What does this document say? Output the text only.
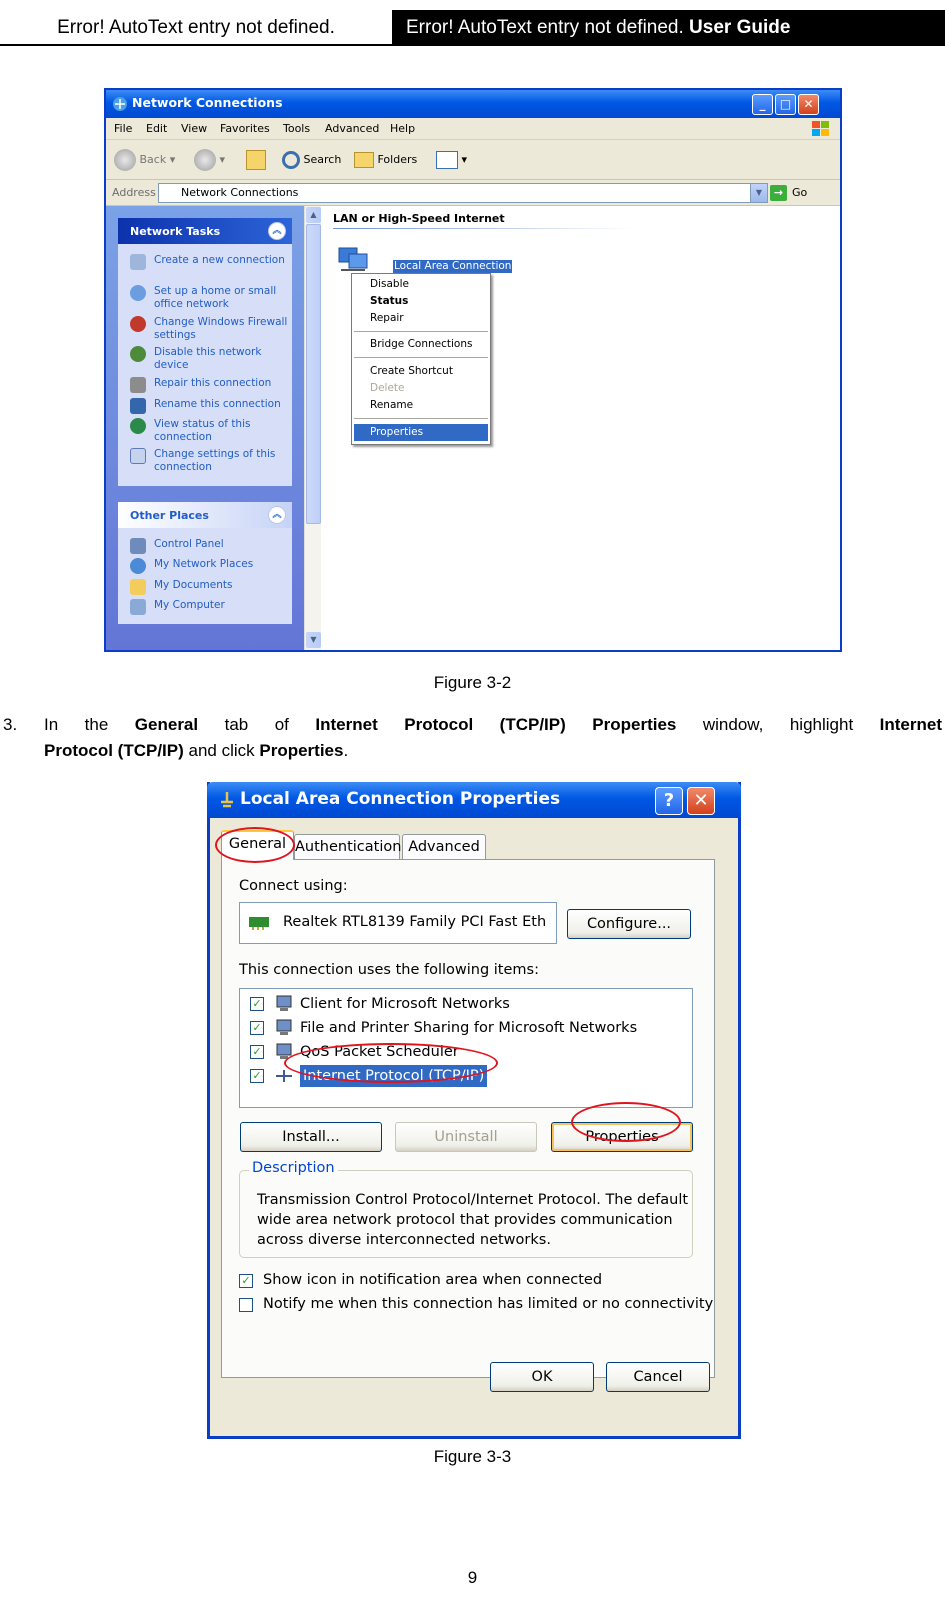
Error! AutoText entry not defined.	Error! AutoText entry not defined. User Guide
Network Connections	_	□	✕
File Edit View Favorites Tools Advanced Help
Back ▾	▾	Search	Folders	▾
Address	Network Connections	▼	→ Go
Network Tasks	︽
Create a new connection
Set up a home or small office network
Change Windows Firewall settings
Disable this network device
Repair this connection
Rename this connection
View status of this connection
Change settings of this connection
Other Places	︽
Control Panel
My Network Places
My Documents
My Computer
▲
▼
LAN or High-Speed Internet
Local Area Connection
Disable
Status
Repair
Bridge Connections
Create Shortcut
Delete
Rename
Properties
Figure 3-2
3. In the General tab of Internet Protocol (TCP/IP) Properties window, highlight Internet
Protocol (TCP/IP) and click Properties.
Local Area Connection Properties	?	✕
General Authentication Advanced
Connect using:
Realtek RTL8139 Family PCI Fast Eth	Configure...
This connection uses the following items:
✓	Client for Microsoft Networks
✓	File and Printer Sharing for Microsoft Networks
✓	QoS Packet Scheduler
✓	Internet Protocol (TCP/IP)
Install...	Uninstall	Properties
Description
Transmission Control Protocol/Internet Protocol. The default
wide area network protocol that provides communication
across diverse interconnected networks.
✓ Show icon in notification area when connected
Notify me when this connection has limited or no connectivity
OK	Cancel
Figure 3-3
9
